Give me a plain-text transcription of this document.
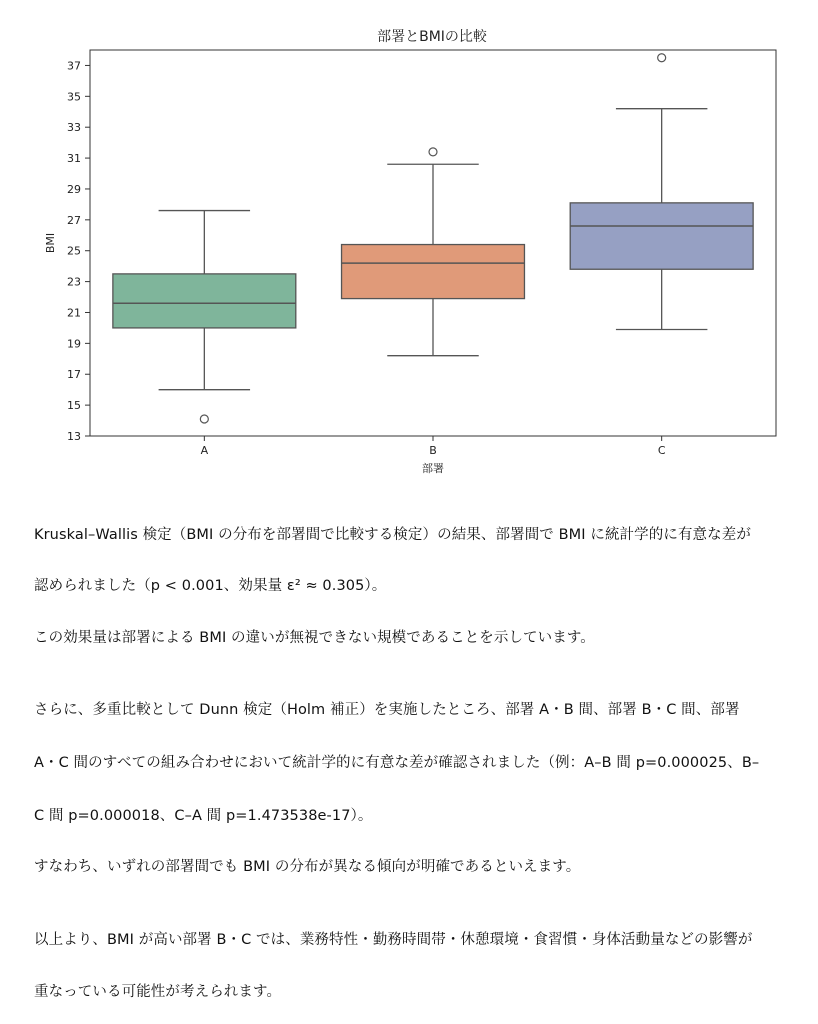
部署とBMIの比較
13
15
17
19
21
23
25
27
29
31
33
35
37
A	B	C
BMI
部署
Kruskal–Wallis 検定（BMI の分布を部署間で比較する検定）の結果、部署間で BMI に統計学的に有意な差が
認められました（p < 0.001、効果量 ε² ≈ 0.305）。
この効果量は部署による BMI の違いが無視できない規模であることを示しています。
さらに、多重比較として Dunn 検定（Holm 補正）を実施したところ、部署 A・B 間、部署 B・C 間、部署
A・C 間のすべての組み合わせにおいて統計学的に有意な差が確認されました（例：A–B 間 p=0.000025、B–
C 間 p=0.000018、C–A 間 p=1.473538e-17）。
すなわち、いずれの部署間でも BMI の分布が異なる傾向が明確であるといえます。
以上より、BMI が高い部署 B・C では、業務特性・勤務時間帯・休憩環境・食習慣・身体活動量などの影響が
重なっている可能性が考えられます。
